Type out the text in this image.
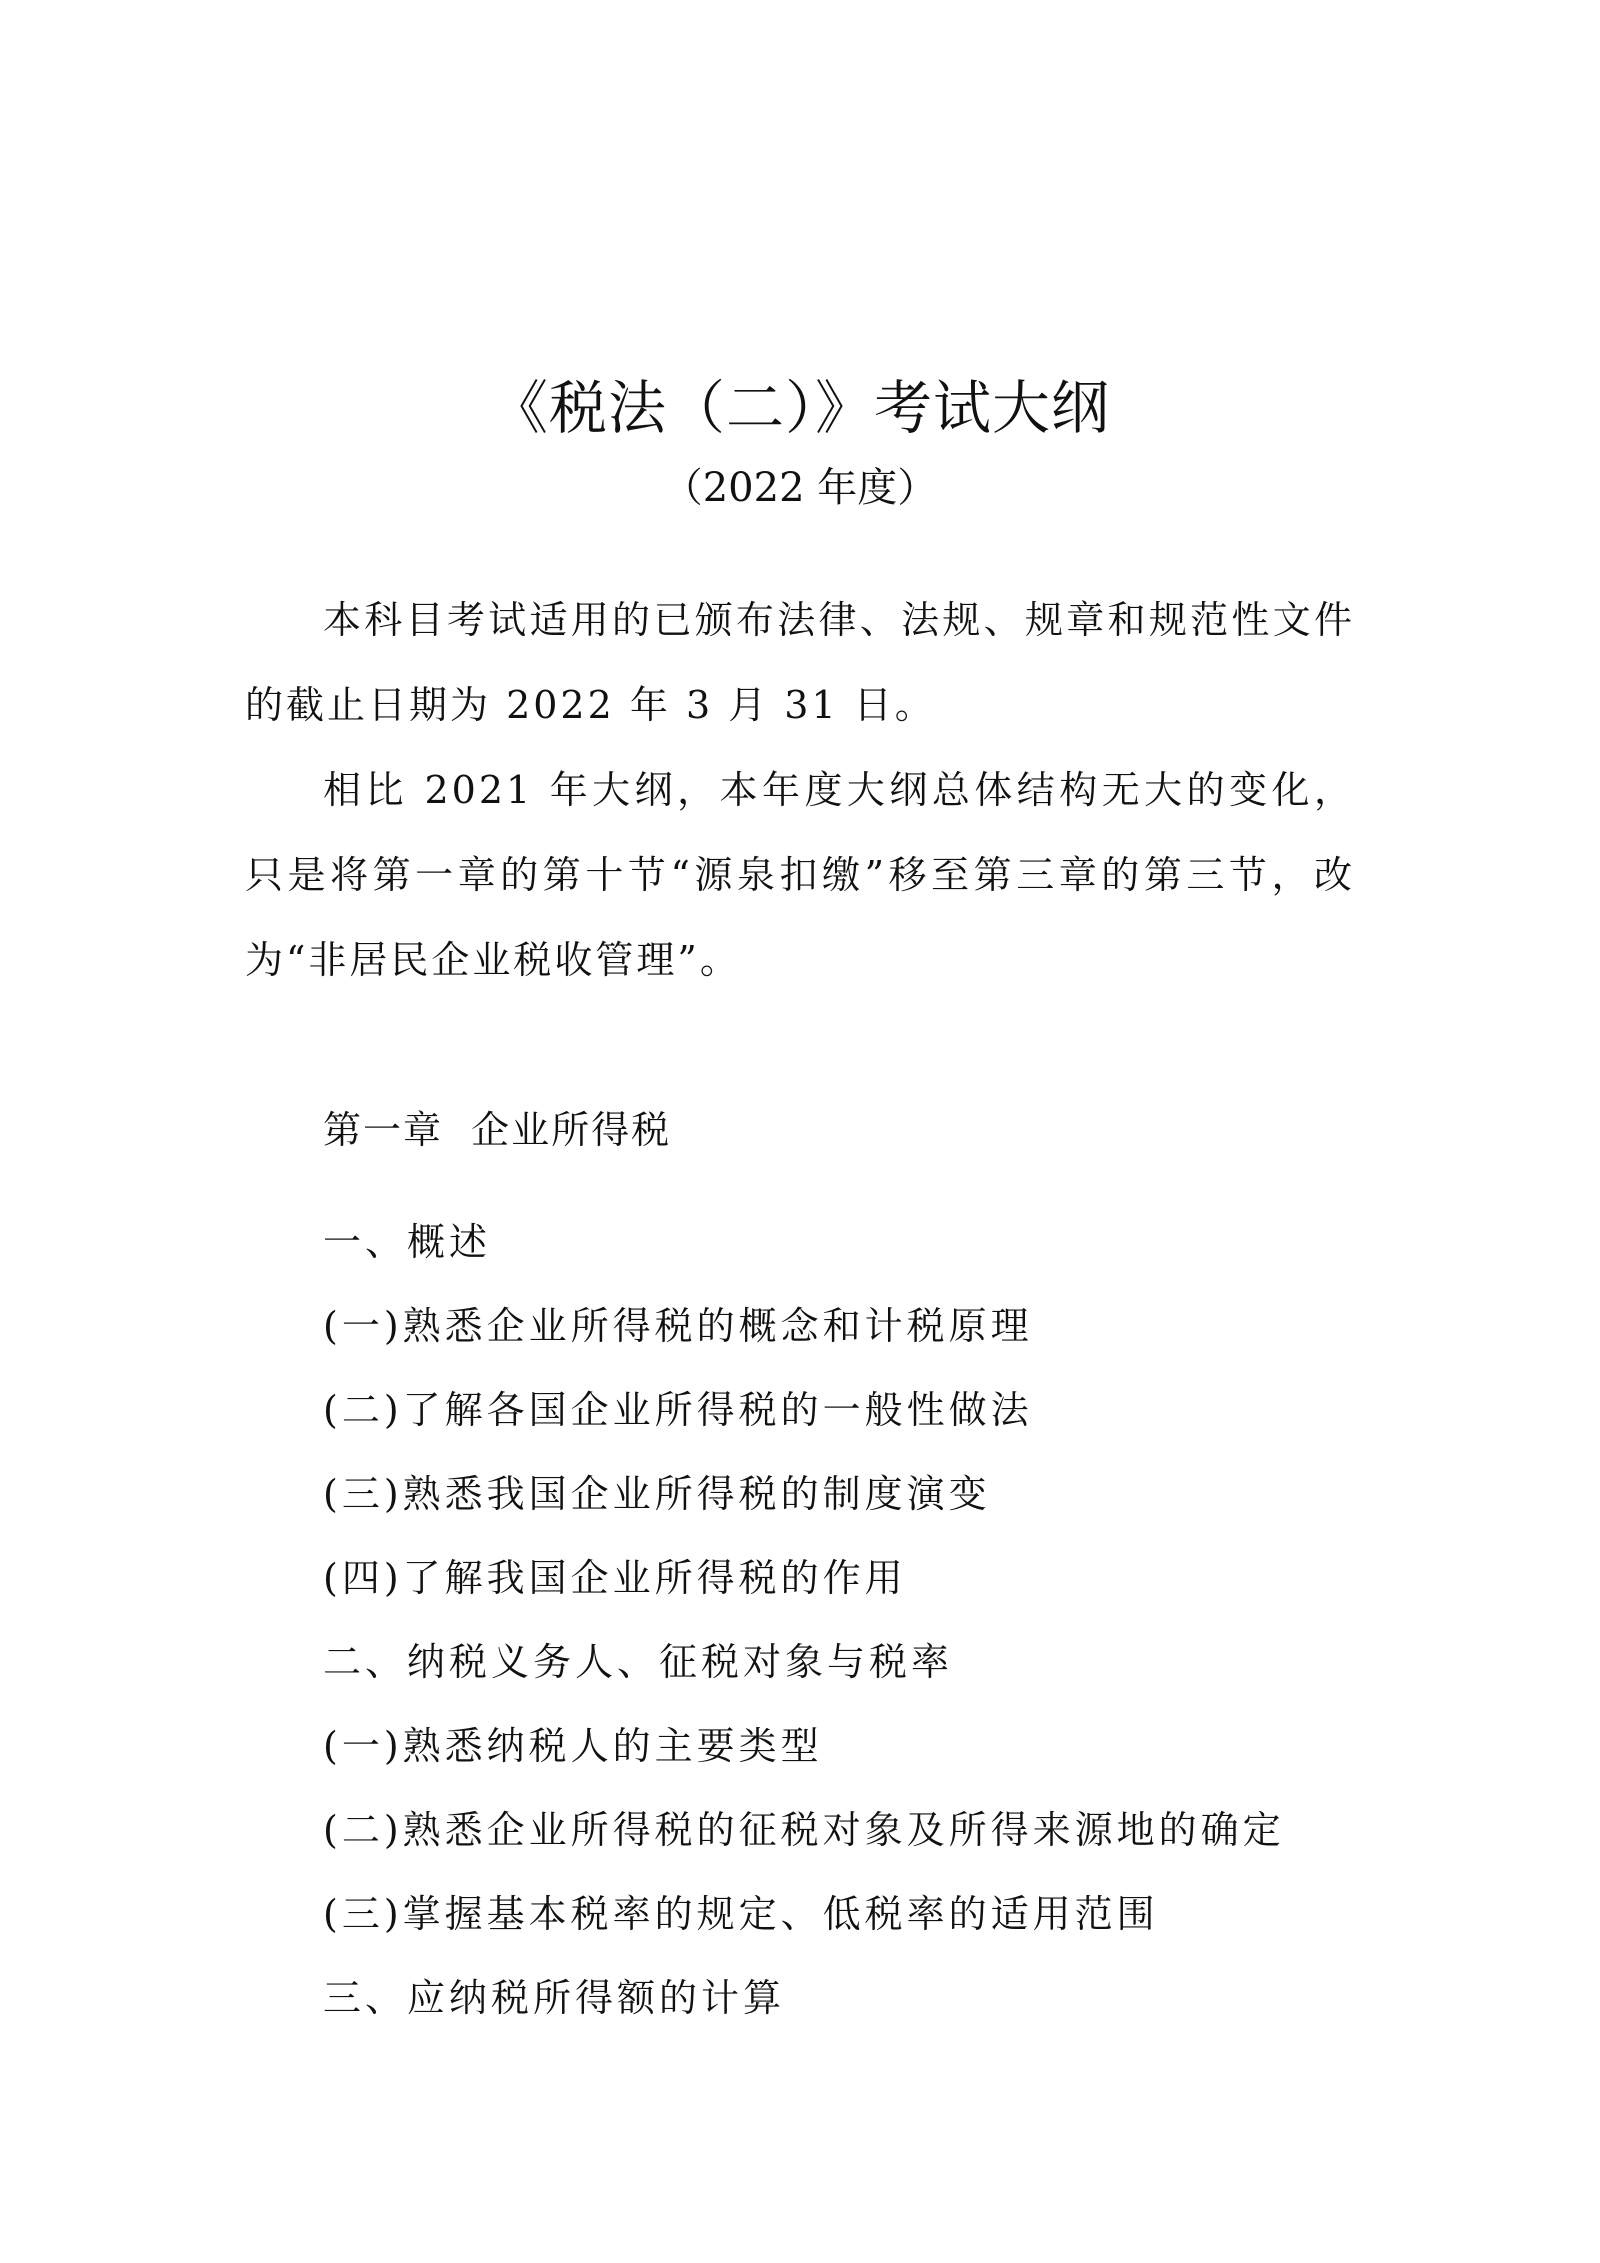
《税法（二）》考试大纲
（2022 年度）

本科目考试适用的已颁布法律、法规、规章和规范性文件的截止日期为 2022 年 3 月 31 日。

相比 2021 年大纲，本年度大纲总体结构无大的变化，只是将第一章的第十节“源泉扣缴”移至第三章的第三节，改为“非居民企业税收管理”。

第一章  企业所得税
一、概述
(一)熟悉企业所得税的概念和计税原理
(二)了解各国企业所得税的一般性做法
(三)熟悉我国企业所得税的制度演变
(四)了解我国企业所得税的作用
二、纳税义务人、征税对象与税率
(一)熟悉纳税人的主要类型
(二)熟悉企业所得税的征税对象及所得来源地的确定
(三)掌握基本税率的规定、低税率的适用范围
三、应纳税所得额的计算
